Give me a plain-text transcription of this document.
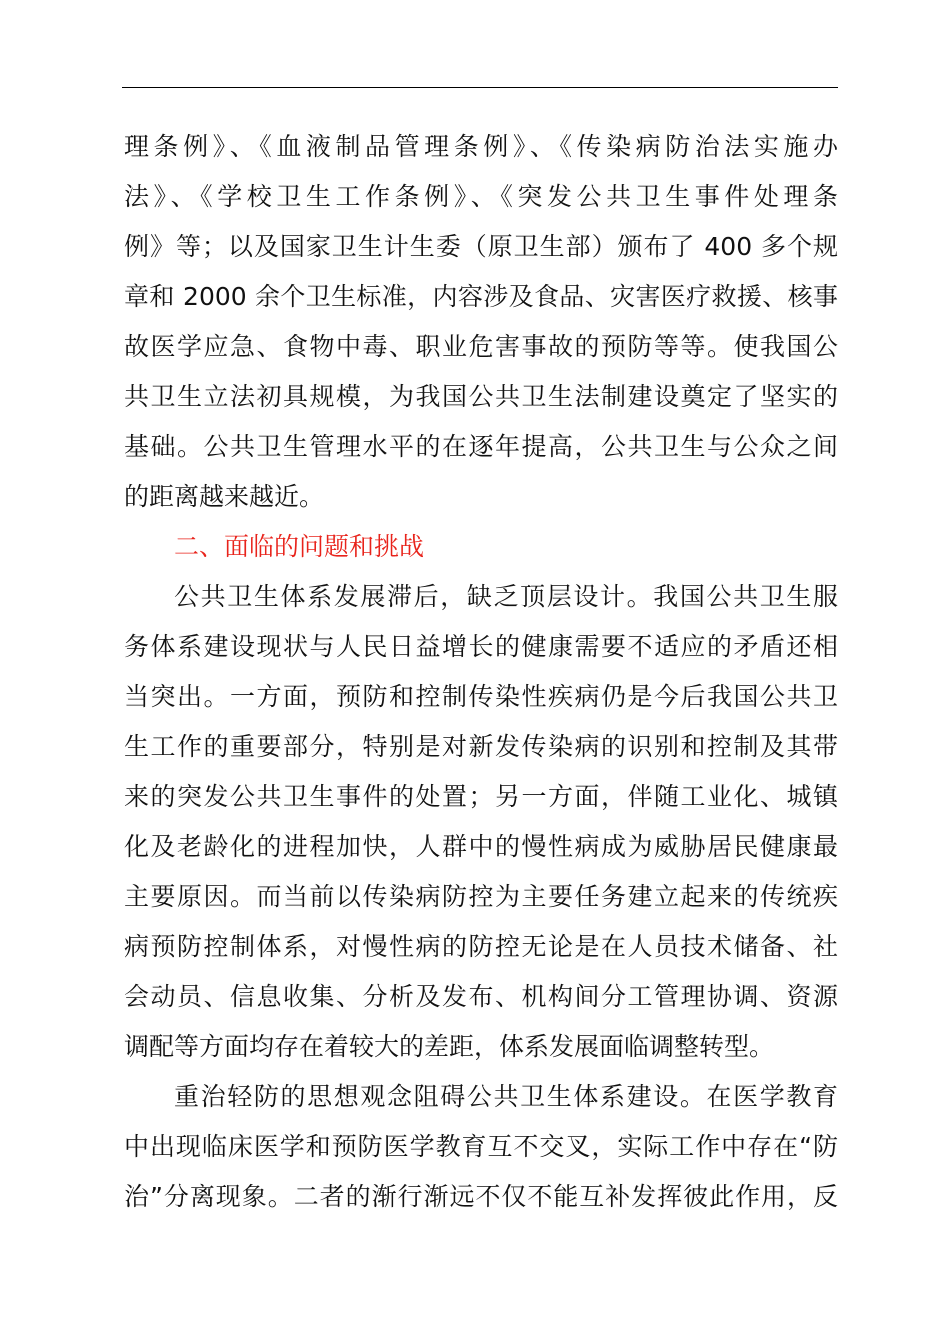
理条例》、《血液制品管理条例》、《传染病防治法实施办
法》、《学校卫生工作条例》、《突发公共卫生事件处理条
例》等；以及国家卫生计生委（原卫生部）颁布了 400 多个规
章和 2000 余个卫生标准，内容涉及食品、灾害医疗救援、核事
故医学应急、食物中毒、职业危害事故的预防等等。使我国公
共卫生立法初具规模，为我国公共卫生法制建设奠定了坚实的
基础。公共卫生管理水平的在逐年提高，公共卫生与公众之间
的距离越来越近。
二、面临的问题和挑战
公共卫生体系发展滞后，缺乏顶层设计。我国公共卫生服
务体系建设现状与人民日益增长的健康需要不适应的矛盾还相
当突出。一方面，预防和控制传染性疾病仍是今后我国公共卫
生工作的重要部分，特别是对新发传染病的识别和控制及其带
来的突发公共卫生事件的处置；另一方面，伴随工业化、城镇
化及老龄化的进程加快，人群中的慢性病成为威胁居民健康最
主要原因。而当前以传染病防控为主要任务建立起来的传统疾
病预防控制体系，对慢性病的防控无论是在人员技术储备、社
会动员、信息收集、分析及发布、机构间分工管理协调、资源
调配等方面均存在着较大的差距，体系发展面临调整转型。
重治轻防的思想观念阻碍公共卫生体系建设。在医学教育
中出现临床医学和预防医学教育互不交叉，实际工作中存在“防
治”分离现象。二者的渐行渐远不仅不能互补发挥彼此作用，反
